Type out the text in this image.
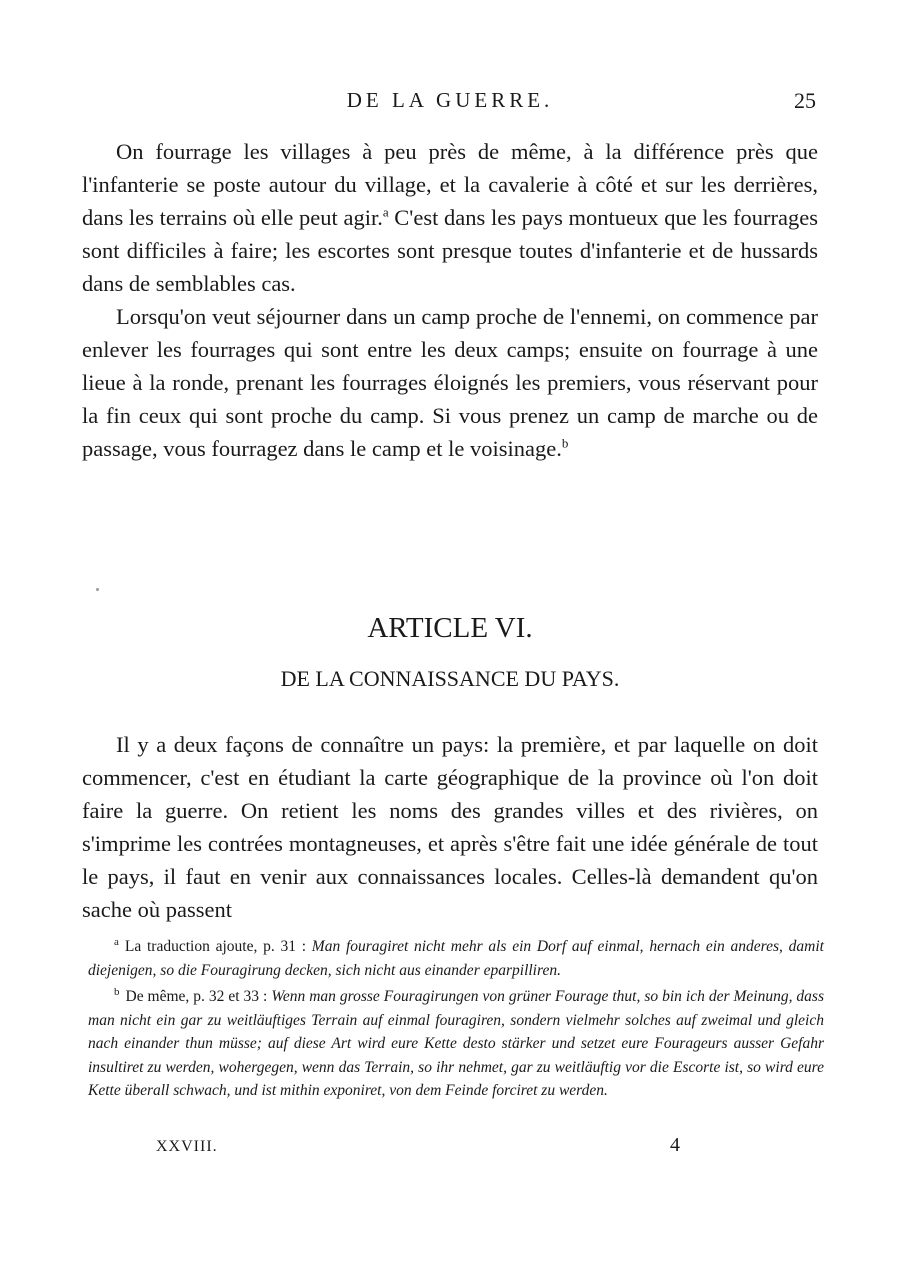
DE LA GUERRE.	25

On fourrage les villages à peu près de même, à la différence près que l'infanterie se poste autour du village, et la cavalerie à côté et sur les derrières, dans les terrains où elle peut agir.$^a$ C'est dans les pays montueux que les fourrages sont difficiles à faire; les escortes sont presque toutes d'infanterie et de hussards dans de semblables cas.

Lorsqu'on veut séjourner dans un camp proche de l'ennemi, on commence par enlever les fourrages qui sont entre les deux camps; ensuite on fourrage à une lieue à la ronde, prenant les fourrages éloignés les premiers, vous réservant pour la fin ceux qui sont proche du camp. Si vous prenez un camp de marche ou de passage, vous fourragez dans le camp et le voisinage.$^b$

ARTICLE VI.
DE LA CONNAISSANCE DU PAYS.

Il y a deux façons de connaître un pays: la première, et par laquelle on doit commencer, c'est en étudiant la carte géographique de la province où l'on doit faire la guerre. On retient les noms des grandes villes et des rivières, on s'imprime les contrées montagneuses, et après s'être fait une idée générale de tout le pays, il faut en venir aux connaissances locales. Celles-là demandent qu'on sache où passent

$^a$ La traduction ajoute, p. 31 : Man fouragiret nicht mehr als ein Dorf auf einmal, hernach ein anderes, damit diejenigen, so die Fouragirung decken, sich nicht aus einander eparpilliren.

$^b$ De même, p. 32 et 33 : Wenn man grosse Fouragirungen von grüner Fourage thut, so bin ich der Meinung, dass man nicht ein gar zu weitläuftiges Terrain auf einmal fouragiren, sondern vielmehr solches auf zweimal und gleich nach einander thun müsse; auf diese Art wird eure Kette desto stärker und setzet eure Fourageurs ausser Gefahr insultiret zu werden, wohergegen, wenn das Terrain, so ihr nehmet, gar zu weitläuftig vor die Escorte ist, so wird eure Kette überall schwach, und ist mithin exponiret, von dem Feinde forciret zu werden.

XXVIII.	4
